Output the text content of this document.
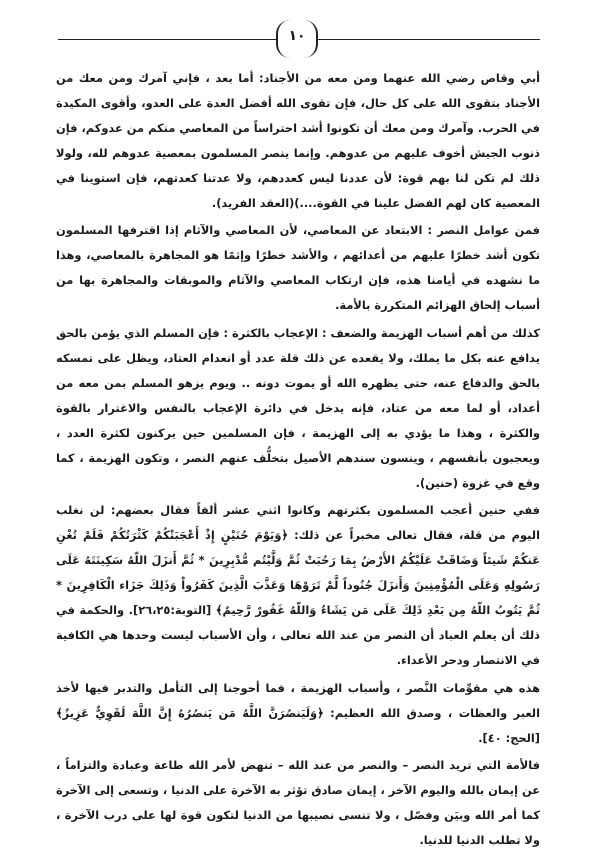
١٠

أبي وقاص رضي الله عنهما ومن معه من الأجناد: أما بعد ، فإني آمرك ومن معك من الأجناد بتقوى الله على كل حال، فإن تقوى الله أفضل العدة على العدو، وأقوى المكيدة في الحرب. وآمرك ومن معك أن تكونوا أشد احتراساً من المعاصي منكم من عدوكم، فإن ذنوب الجيش أخوف عليهم من عدوهم. وإنما ينصر المسلمون بمعصية عدوهم لله، ولولا ذلك لم تكن لنا بهم قوة: لأن عددنا ليس كعددهم، ولا عدتنا كعدتهم، فإن استوينا في المعصية كان لهم الفضل علينا في القوة....)(العقد الفريد).

فمن عوامل النصر : الابتعاد عن المعاصي، لأن المعاصي والآثام إذا اقترفها المسلمون تكون أشد خطرًا عليهم من أعدائهم ، والأشد خطرًا وإثمًا هو المجاهرة بالمعاصي، وهذا ما نشهده في أيامنا هذه، فإن ارتكاب المعاصي والآثام والموبقات والمجاهرة بها من أسباب إلحاق الهزائم المتكررة بالأمة.

كذلك من أهم أسباب الهزيمة والضعف : الإعجاب بالكثرة : فإن المسلم الذي يؤمن بالحق يدافع عنه بكل ما يملك، ولا يقعده عن ذلك قلة عدد أو انعدام العتاد، ويظل على تمسكه بالحق والدفاع عنه، حتى يظهره الله أو يموت دونه .. ويوم يزهو المسلم بمن معه من أعداد، أو لما معه من عتاد، فإنه يدخل في دائرة الإعجاب بالنفس والاغترار بالقوة والكثرة ، وهذا ما يؤدي به إلى الهزيمة ، فإن المسلمين حين يركنون لكثرة العدد ، ويعجبون بأنفسهم ، وينسون سندهم الأصيل بتخلُّف عنهم النصر ، وتكون الهزيمة ، كما وقع في غزوة (حنين).

ففي حنين أعجب المسلمون بكثرتهم وكانوا اثني عشر ألفاً فقال بعضهم: لن نغلب اليوم من قلة، فقال تعالى مخبراً عن ذلك: ﴿وَيَوْمَ حُنَيْنٍ إِذْ أَعْجَبَتْكُمْ كَثْرَتُكُمْ فَلَمْ تُغْنِ عَنكُمْ شَيئاً وَضَاقَتْ عَلَيْكُمُ الأَرْضُ بِمَا رَحُبَتْ ثُمَّ وَلَّيْتُم مُّدْبِرِينَ * ثُمَّ أَنزَلَ اللّهُ سَكِينَتَهُ عَلَى رَسُولِهِ وَعَلَى الْمُؤْمِنِينَ وَأَنزَلَ جُنُوداً لَّمْ تَرَوْهَا وَعَذَّبَ الَّذِينَ كَفَرُواْ وَذَلِكَ جَزَاء الْكَافِرِينَ * ثُمَّ يَتُوبُ اللّهُ مِن بَعْدِ ذَلِكَ عَلَى مَن يَشَاءُ وَاللّهُ غَفُورٌ رَّحِيمٌ﴾ [التوبة:٢٦،٢٥]. والحكمة في ذلك أن يعلم العباد أن النصر من عند الله تعالى ، وأن الأسباب ليست وحدها هي الكافية في الانتصار ودحر الأعداء.

هذه هي مقوِّمات النَّصر ، وأسباب الهزيمة ، فما أحوجنا إلى التأمل والتدبر فيها لأخذ العبر والعظات ، وصدق الله العظيم: ﴿وَلَيَنصُرَنَّ اللَّهُ مَن يَنصُرُهُ إِنَّ اللَّهَ لَقَوِيٌّ عَزِيزٌ﴾ [الحج: ٤٠].

فالأمة التي تريد النصر – والنصر من عند الله – تنهض لأمر الله طاعة وعبادة والتزاماً ، عن إيمان بالله واليوم الآخر ، إيمان صادق تؤثر به الآخرة على الدنيا ، وتسعى إلى الآخرة كما أمر الله وبيَن وفصّل ، ولا تنسى نصيبها من الدنيا لتكون قوة لها على درب الآخرة ، ولا تطلب الدنيا للدنيا.
